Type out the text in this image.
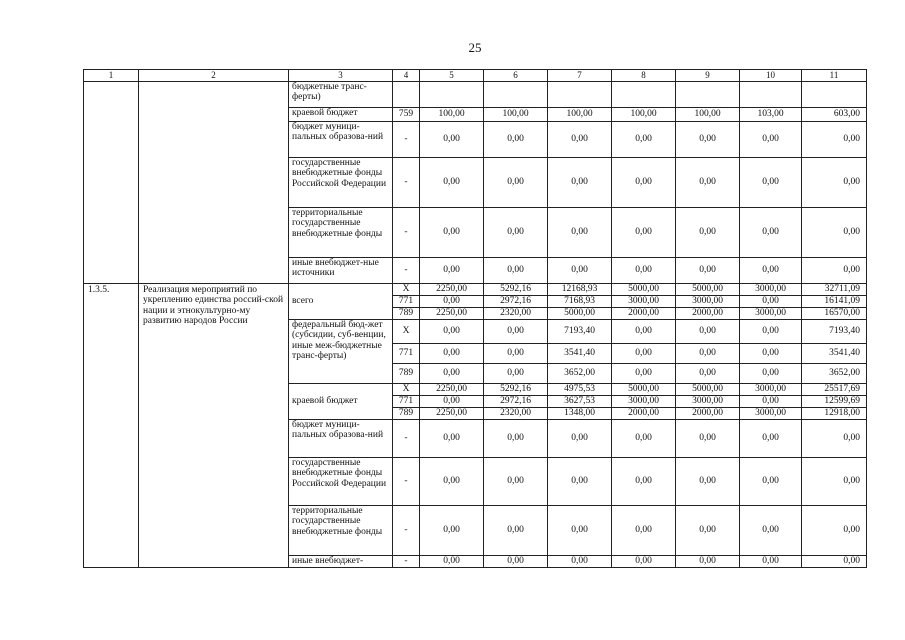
25
1	2	3	4	5	6	7	8	9	10	11
		бюджетные транс-ферты)								
		краевой бюджет	759	100,00	100,00	100,00	100,00	100,00	103,00	603,00
		бюджет муници-пальных образова-ний	-	0,00	0,00	0,00	0,00	0,00	0,00	0,00
		государственные внебюджетные фонды Российской Федерации	-	0,00	0,00	0,00	0,00	0,00	0,00	0,00
		территориальные государственные внебюджетные фонды	-	0,00	0,00	0,00	0,00	0,00	0,00	0,00
		иные внебюджет-ные источники	-	0,00	0,00	0,00	0,00	0,00	0,00	0,00
1.3.5.	Реализация мероприятий по укреплению единства россий-ской нации и этнокультурно-му развитию народов России	всего	X	2250,00	5292,16	12168,93	5000,00	5000,00	3000,00	32711,09
			771	0,00	2972,16	7168,93	3000,00	3000,00	0,00	16141,09
			789	2250,00	2320,00	5000,00	2000,00	2000,00	3000,00	16570,00
		федеральный бюд-жет (субсидии, суб-венции, иные меж-бюджетные транс-ферты)	X	0,00	0,00	7193,40	0,00	0,00	0,00	7193,40
			771	0,00	0,00	3541,40	0,00	0,00	0,00	3541,40
			789	0,00	0,00	3652,00	0,00	0,00	0,00	3652,00
		краевой бюджет	X	2250,00	5292,16	4975,53	5000,00	5000,00	3000,00	25517,69
			771	0,00	2972,16	3627,53	3000,00	3000,00	0,00	12599,69
			789	2250,00	2320,00	1348,00	2000,00	2000,00	3000,00	12918,00
		бюджет муници-пальных образова-ний	-	0,00	0,00	0,00	0,00	0,00	0,00	0,00
		государственные внебюджетные фонды Российской Федерации	-	0,00	0,00	0,00	0,00	0,00	0,00	0,00
		территориальные государственные внебюджетные фонды	-	0,00	0,00	0,00	0,00	0,00	0,00	0,00
		иные внебюджет-	-	0,00	0,00	0,00	0,00	0,00	0,00	0,00
